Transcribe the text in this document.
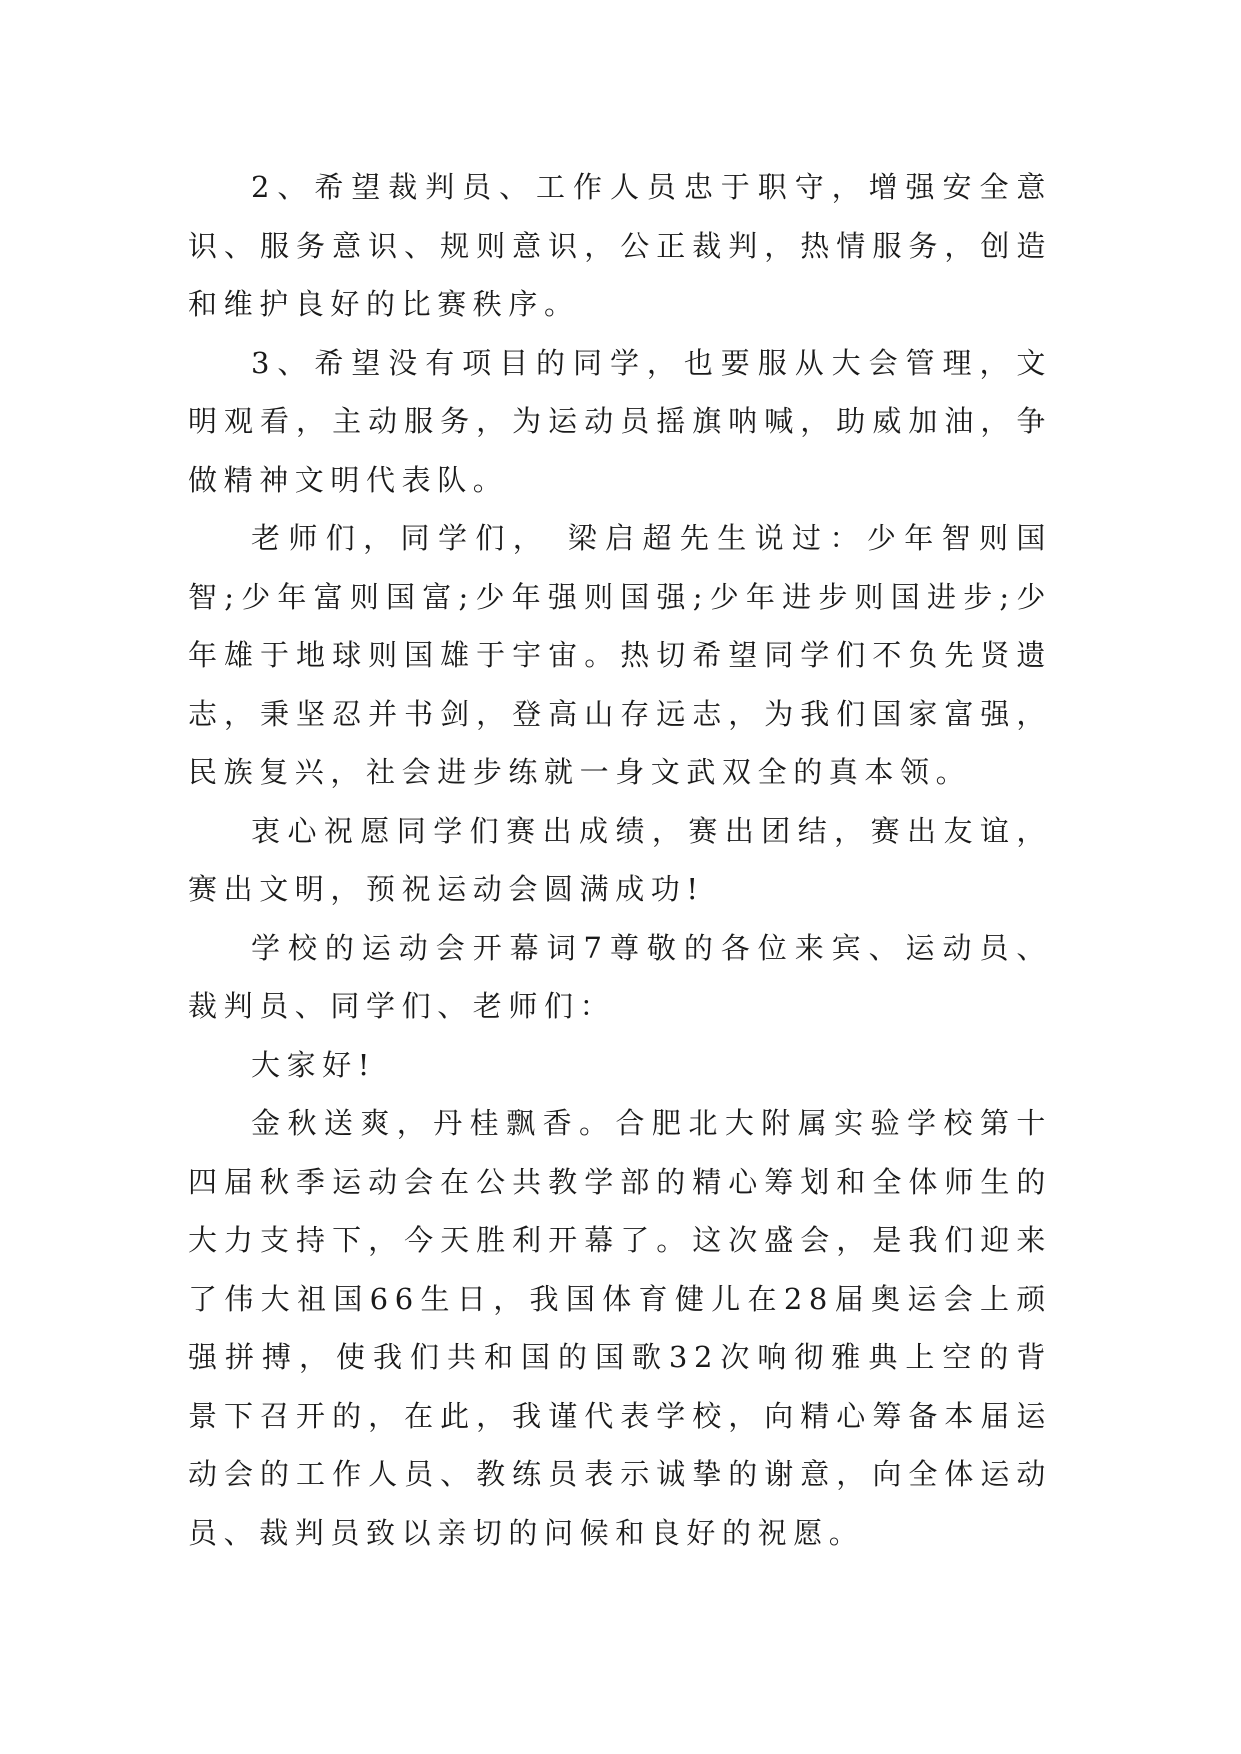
2、希望裁判员、工作人员忠于职守，增强安全意识、服务意识、规则意识，公正裁判，热情服务，创造和维护良好的比赛秩序。

3、希望没有项目的同学，也要服从大会管理，文明观看，主动服务，为运动员摇旗呐喊，助威加油，争做精神文明代表队。

老师们，同学们， 梁启超先生说过：少年智则国智;少年富则国富;少年强则国强;少年进步则国进步;少年雄于地球则国雄于宇宙。热切希望同学们不负先贤遗志，秉坚忍并书剑，登高山存远志，为我们国家富强，民族复兴，社会进步练就一身文武双全的真本领。

衷心祝愿同学们赛出成绩，赛出团结，赛出友谊，赛出文明，预祝运动会圆满成功!

学校的运动会开幕词7尊敬的各位来宾、运动员、裁判员、同学们、老师们：

大家好!

金秋送爽，丹桂飘香。合肥北大附属实验学校第十四届秋季运动会在公共教学部的精心筹划和全体师生的大力支持下，今天胜利开幕了。这次盛会，是我们迎来了伟大祖国66生日，我国体育健儿在28届奥运会上顽强拼搏，使我们共和国的国歌32次响彻雅典上空的背景下召开的，在此，我谨代表学校，向精心筹备本届运动会的工作人员、教练员表示诚挚的谢意，向全体运动员、裁判员致以亲切的问候和良好的祝愿。
